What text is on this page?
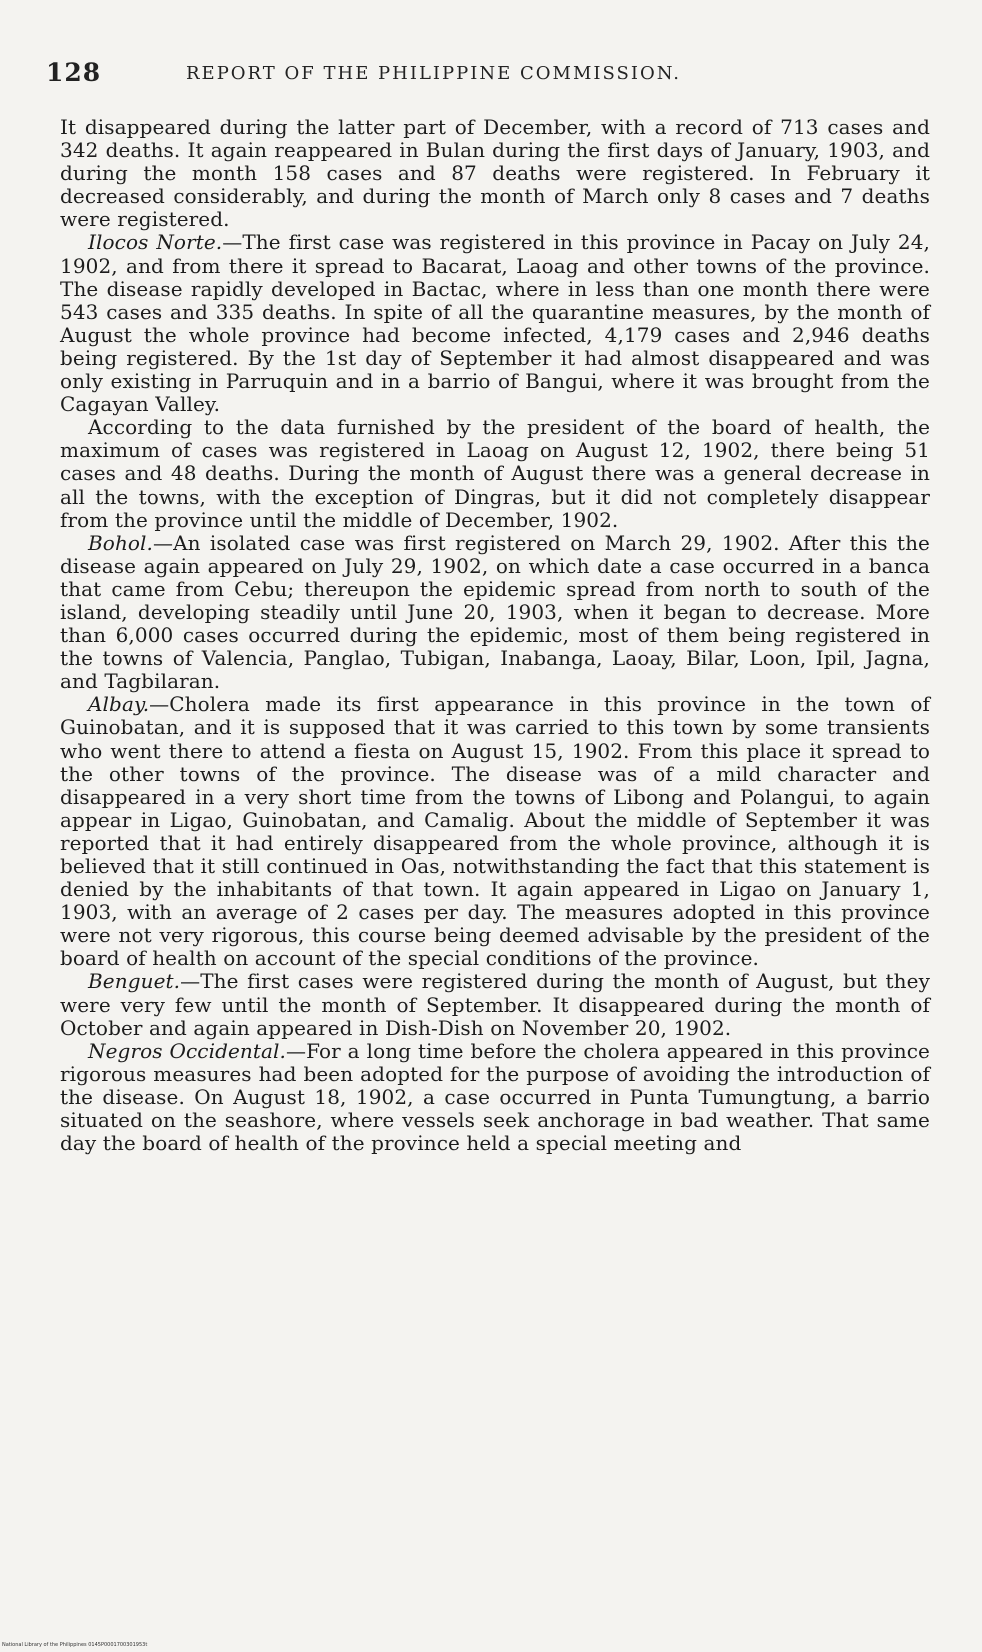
128	REPORT OF THE PHILIPPINE COMMISSION.

It disappeared during the latter part of December, with a record of 713 cases and 342 deaths. It again reappeared in Bulan during the first days of January, 1903, and during the month 158 cases and 87 deaths were registered. In February it decreased considerably, and during the month of March only 8 cases and 7 deaths were registered.

Ilocos Norte.—The first case was registered in this province in Pacay on July 24, 1902, and from there it spread to Bacarat, Laoag and other towns of the province. The disease rapidly developed in Bactac, where in less than one month there were 543 cases and 335 deaths. In spite of all the quarantine measures, by the month of August the whole province had become infected, 4,179 cases and 2,946 deaths being registered. By the 1st day of September it had almost disappeared and was only existing in Parruquin and in a barrio of Bangui, where it was brought from the Cagayan Valley.

According to the data furnished by the president of the board of health, the maximum of cases was registered in Laoag on August 12, 1902, there being 51 cases and 48 deaths. During the month of August there was a general decrease in all the towns, with the exception of Dingras, but it did not completely disappear from the province until the middle of December, 1902.

Bohol.—An isolated case was first registered on March 29, 1902. After this the disease again appeared on July 29, 1902, on which date a case occurred in a banca that came from Cebu; thereupon the epidemic spread from north to south of the island, developing steadily until June 20, 1903, when it began to decrease. More than 6,000 cases occurred during the epidemic, most of them being registered in the towns of Valencia, Panglao, Tubigan, Inabanga, Laoay, Bilar, Loon, Ipil, Jagna, and Tagbilaran.

Albay.—Cholera made its first appearance in this province in the town of Guinobatan, and it is supposed that it was carried to this town by some transients who went there to attend a fiesta on August 15, 1902. From this place it spread to the other towns of the province. The disease was of a mild character and disappeared in a very short time from the towns of Libong and Polangui, to again appear in Ligao, Guinobatan, and Camalig. About the middle of September it was reported that it had entirely disappeared from the whole province, although it is believed that it still continued in Oas, notwithstanding the fact that this statement is denied by the inhabitants of that town. It again appeared in Ligao on January 1, 1903, with an average of 2 cases per day. The measures adopted in this province were not very rigorous, this course being deemed advisable by the president of the board of health on account of the special conditions of the province.

Benguet.—The first cases were registered during the month of August, but they were very few until the month of September. It disappeared during the month of October and again appeared in Dish-Dish on November 20, 1902.

Negros Occidental.—For a long time before the cholera appeared in this province rigorous measures had been adopted for the purpose of avoiding the introduction of the disease. On August 18, 1902, a case occurred in Punta Tumungtung, a barrio situated on the seashore, where vessels seek anchorage in bad weather. That same day the board of health of the province held a special meeting and

National Library of the Philippines 0145P0001700301953t
